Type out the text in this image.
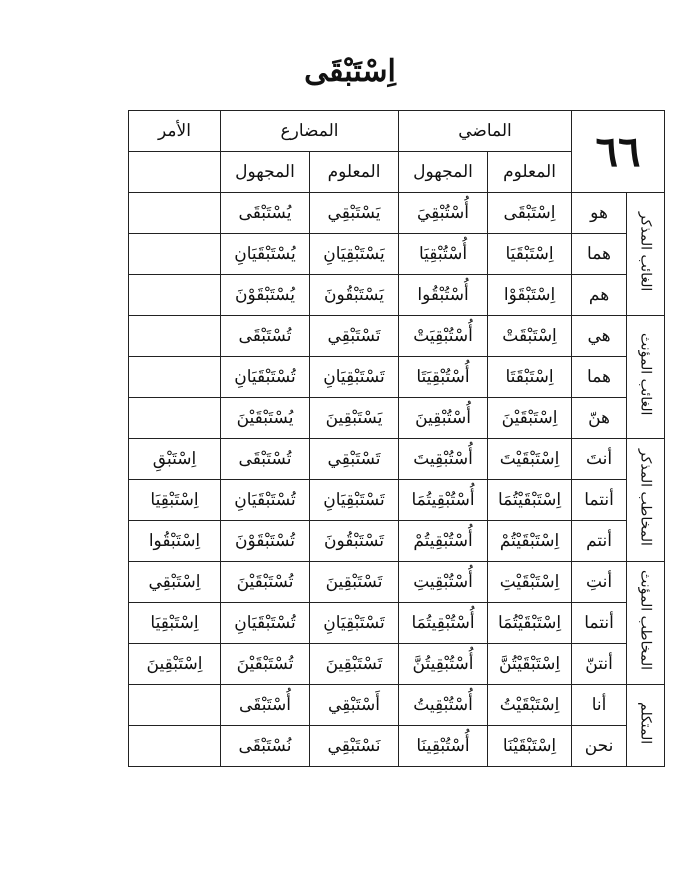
اِسْتَبْقَى
٦٦		الماضي		المضارع		الأمر
		المعلوم	المجهول	المعلوم	المجهول	
الغائب المذكر	هو	اِسْتَبْقَى	أُسْتُبْقِيَ	يَسْتَبْقِي	يُسْتَبْقَى	
	هما	اِسْتَبْقَيَا	أُسْتُبْقِيَا	يَسْتَبْقِيَانِ	يُسْتَبْقَيَانِ	
	هم	اِسْتَبْقَوْا	أُسْتُبْقُوا	يَسْتَبْقُونَ	يُسْتَبْقَوْنَ	
الغائب المؤنث	هي	اِسْتَبْقَتْ	أُسْتُبْقِيَتْ	تَسْتَبْقِي	تُسْتَبْقَى	
	هما	اِسْتَبْقَتَا	أُسْتُبْقِيَتَا	تَسْتَبْقِيَانِ	تُسْتَبْقَيَانِ	
	هنّ	اِسْتَبْقَيْنَ	أُسْتُبْقِينَ	يَسْتَبْقِينَ	يُسْتَبْقَيْنَ	
المخاطب المذكر	أنتَ	اِسْتَبْقَيْتَ	أُسْتُبْقِيتَ	تَسْتَبْقِي	تُسْتَبْقَى	اِسْتَبْقِ
	أنتما	اِسْتَبْقَيْتُمَا	أُسْتُبْقِيتُمَا	تَسْتَبْقِيَانِ	تُسْتَبْقَيَانِ	اِسْتَبْقِيَا
	أنتم	اِسْتَبْقَيْتُمْ	أُسْتُبْقِيتُمْ	تَسْتَبْقُونَ	تُسْتَبْقَوْنَ	اِسْتَبْقُوا
المخاطب المؤنث	أنتِ	اِسْتَبْقَيْتِ	أُسْتُبْقِيتِ	تَسْتَبْقِينَ	تُسْتَبْقَيْنَ	اِسْتَبْقِي
	أنتما	اِسْتَبْقَيْتُمَا	أُسْتُبْقِيتُمَا	تَسْتَبْقِيَانِ	تُسْتَبْقَيَانِ	اِسْتَبْقِيَا
	أنتنّ	اِسْتَبْقَيْتُنَّ	أُسْتُبْقِيتُنَّ	تَسْتَبْقِينَ	تُسْتَبْقَيْنَ	اِسْتَبْقِينَ
المتكلم	أنا	اِسْتَبْقَيْتُ	أُسْتُبْقِيتُ	أَسْتَبْقِي	أُسْتَبْقَى	
	نحن	اِسْتَبْقَيْنَا	أُسْتُبْقِينَا	نَسْتَبْقِي	نُسْتَبْقَى	
